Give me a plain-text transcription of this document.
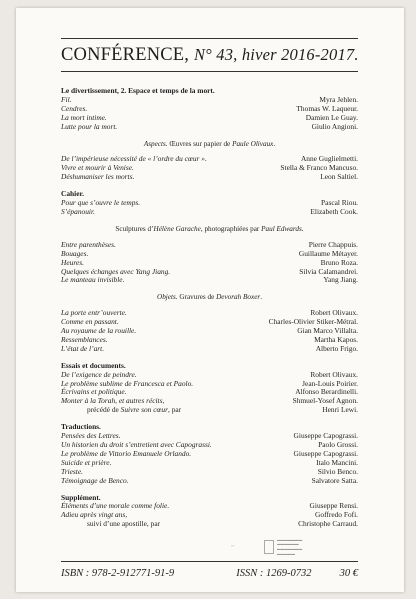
CONFÉRENCE, N° 43, hiver 2016-2017.
Le divertissement, 2. Espace et temps de la mort.
Fil.	Myra Jehlen.
Cendres.	Thomas W. Laqueur.
La mort intime.	Damien Le Guay.
Lutte pour la mort.	Giulio Angioni.
Aspects. Œuvres sur papier de Paule Olivaux.
De l’impérieuse nécessité de « l’ordre du cœur ».	Anne Guglielmetti.
Vivre et mourir à Venise.	Stella & Franco Mancuso.
Déshumaniser les morts.	Leon Saltiel.
Cahier.
Pour que s’ouvre le temps.	Pascal Riou.
S’épanouir.	Elizabeth Cook.
Sculptures d’Hélène Garache, photographiées par Paul Edwards.
Entre parenthèses.	Pierre Chappuis.
Bouages.	Guillaume Métayer.
Heures.	Bruno Roza.
Quelques échanges avec Yang Jiang.	Silvia Calamandrei.
Le manteau invisible.	Yang Jiang.
Objets. Gravures de Devorah Boxer.
La porte entr’ouverte.	Robert Olivaux.
Comme en passant.	Charles-Olivier Stiker-Métral.
Au royaume de la rouille.	Gian Marco Villalta.
Ressemblances.	Martha Kapos.
L’état de l’art.	Alberto Frigo.
Essais et documents.
De l’exigence de peindre.	Robert Olivaux.
Le problème sublime de Francesca et Paolo.	Jean-Louis Poirier.
Écrivains et politique.	Alfonso Berardinelli.
Monter à la Torah, et autres récits,	Shmuel-Yosef Agnon.
précédé de Suivre son cœur, par	Henri Lewi.
Traductions.
Pensées des Lettres.	Giuseppe Capograssi.
Un historien du droit s’entretient avec Capograssi.	Paolo Grossi.
Le problème de Vittorio Emanuele Orlando.	Giuseppe Capograssi.
Suicide et prière.	Italo Mancini.
Trieste.	Silvio Benco.
Témoignage de Benco.	Salvatore Satta.
Supplément.
Éléments d’une morale comme folie.	Giuseppe Rensi.
Adieu après vingt ans,	Goffredo Fofi.
suivi d’une apostille, par	Christophe Carraud.
~
▬▬▬▬▬▬▬
▬▬▬▬▬▬
▬▬▬▬▬▬▬
▬▬▬▬▬
ISBN : 978-2-912771-91-9	ISSN : 1269-0732	30 €
